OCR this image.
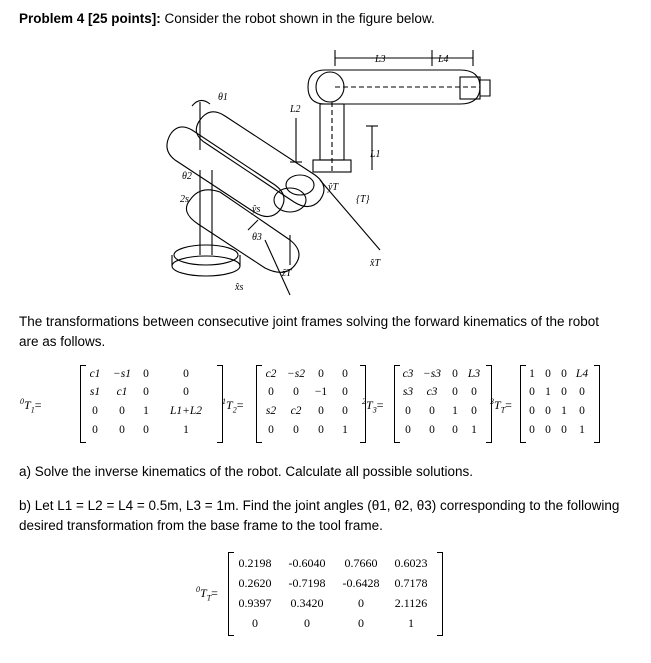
Problem 4 [25 points]: Consider the robot shown in the figure below.
L3	L4
L2
L1
θ1
θ2
θ3
2s
ŷs
x̂s
ẑT
ŷT
{T}
x̂T
The transformations between consecutive joint frames solving the forward kinematics of the robot
are as follows.
$^0T_1=$
c1	−s1	0	0
s1	c1	0	0
0	0	1	L1+L2
0	0	0	1
$^1T_2=$
c2 −s2	0	0
0	0	−1	0
s2	c2	0	0
0	0	0	1
$^2T_3=$
c3 −s3 0 L3
s3	c3	0	0
0	0	1	0
0	0	0	1
$^3T_T=$
1 0 0 L4
0 1 0	0
0 0 1	0
0 0 0	1
a) Solve the inverse kinematics of the robot. Calculate all possible solutions.
b) Let L1 = L2 = L4 = 0.5m, L3 = 1m. Find the joint angles (θ1, θ2, θ3) corresponding to the following
desired transformation from the base frame to the tool frame.
$^0T_T=$
0.2198	-0.6040	0.7660	0.6023
0.2620	-0.7198	-0.6428	0.7178
0.9397	0.3420	0	2.1126
0	0	0	1
